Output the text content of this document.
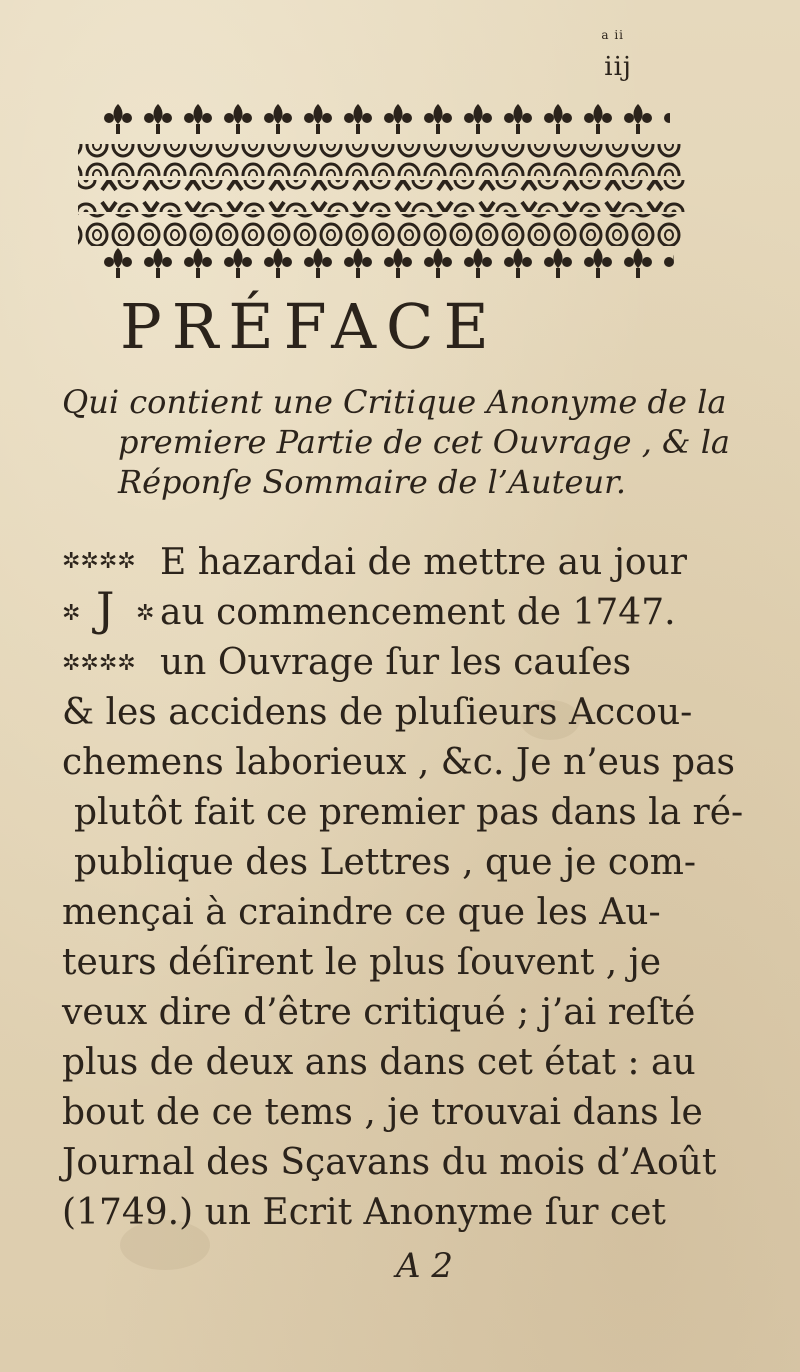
a ii
iij
PRÉFACE
Qui contient une Critique Anonyme de la
premiere Partie de cet Ouvrage , & la
Réponſe Sommaire de l’Auteur.
✲✲✲✲
✲	✲
✲✲✲✲
J
E hazardai de mettre au jour
au commencement de 1747.
un Ouvrage ſur les cauſes
& les accidens de pluſieurs Accou-
chemens laborieux , &c. Je n’eus pas
plutôt fait ce premier pas dans la ré-
publique des Lettres , que je com-
mençai à craindre ce que les Au-
teurs déſirent le plus ſouvent , je
veux dire d’être critiqué ; j’ai reſté
plus de deux ans dans cet état : au
bout de ce tems , je trouvai dans le
Journal des Sçavans du mois d’Août
(1749.) un Ecrit Anonyme ſur cet
A 2
